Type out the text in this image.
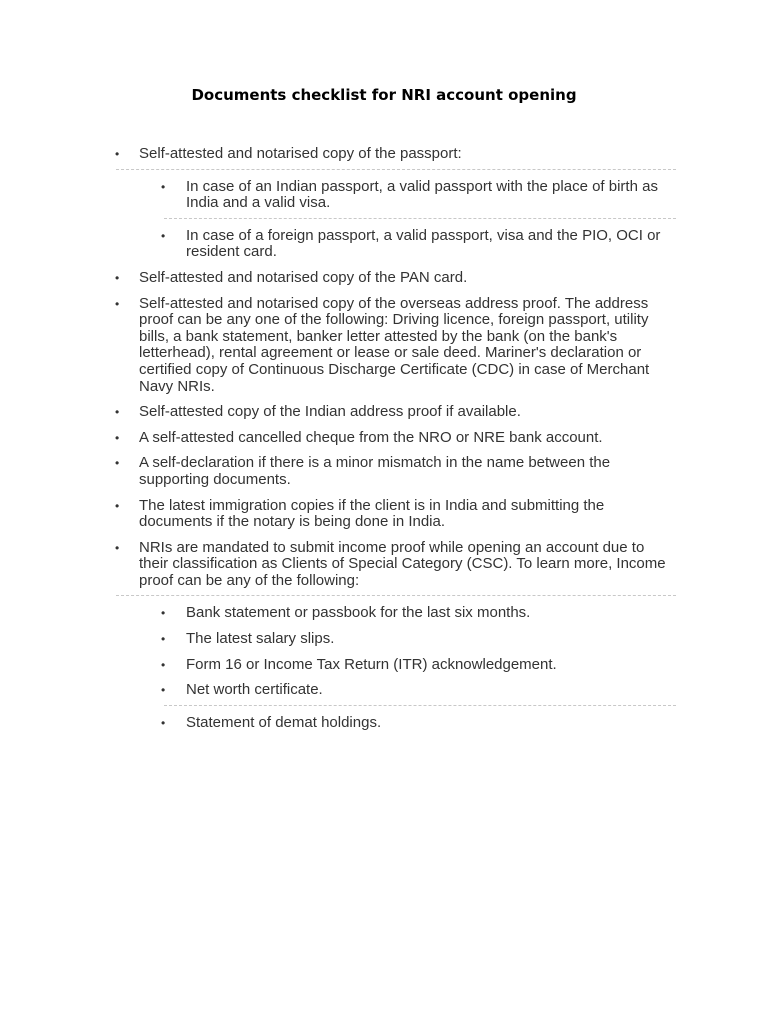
Documents checklist for NRI account opening
• Self-attested and notarised copy of the passport:
• In case of an Indian passport, a valid passport with the place of birth as India and a valid visa.
• In case of a foreign passport, a valid passport, visa and the PIO, OCI or resident card.
• Self-attested and notarised copy of the PAN card.
• Self-attested and notarised copy of the overseas address proof. The address proof can be any one of the following: Driving licence, foreign passport, utility bills, a bank statement, banker letter attested by the bank (on the bank's letterhead), rental agreement or lease or sale deed. Mariner's declaration or certified copy of Continuous Discharge Certificate (CDC) in case of Merchant Navy NRIs.
• Self-attested copy of the Indian address proof if available.
• A self-attested cancelled cheque from the NRO or NRE bank account.
• A self-declaration if there is a minor mismatch in the name between the supporting documents.
• The latest immigration copies if the client is in India and submitting the documents if the notary is being done in India.
• NRIs are mandated to submit income proof while opening an account due to their classification as Clients of Special Category (CSC). To learn more, Income proof can be any of the following:
• Bank statement or passbook for the last six months.
• The latest salary slips.
• Form 16 or Income Tax Return (ITR) acknowledgement.
• Net worth certificate.
• Statement of demat holdings.
